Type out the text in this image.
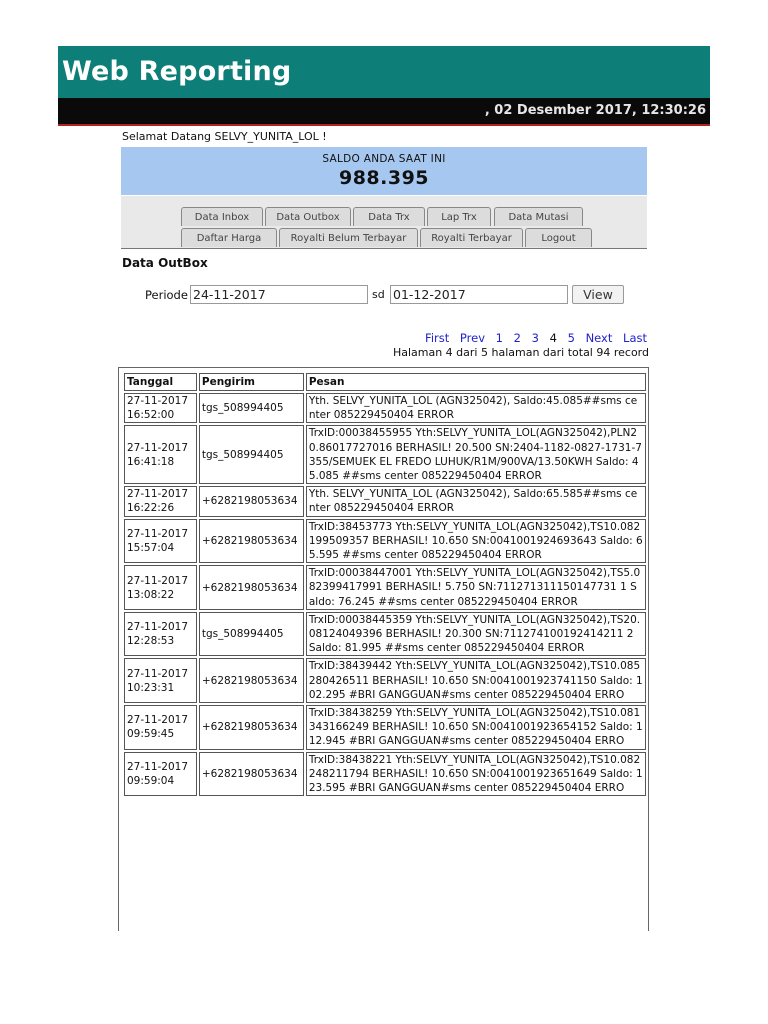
Web Reporting
, 02 Desember 2017, 12:30:26
Selamat Datang SELVY_YUNITA_LOL !
SALDO ANDA SAAT INI
988.395
Data Inbox	Data Outbox	Data Trx	Lap Trx	Data Mutasi
Daftar Harga	Royalti Belum Terbayar	Royalti Terbayar	Logout
Data OutBox
Periode 24-11-2017	sd 01-12-2017	View
First Prev 1 2 3 4 5 Next Last
Halaman 4 dari 5 halaman dari total 94 record
Tanggal	Pengirim	Pesan
27-11-2017 16:52:00	tgs_508994405	Yth. SELVY_YUNITA_LOL (AGN325042), Saldo:45.085##sms center 085229450404 ERROR
27-11-2017 16:41:18	tgs_508994405	TrxID:00038455955 Yth:SELVY_YUNITA_LOL(AGN325042),PLN20.86017727016 BERHASIL! 20.500 SN:2404-1182-0827-1731-7355/SEMUEK EL FREDO LUHUK/R1M/900VA/13.50KWH Saldo: 45.085 ##sms center 085229450404 ERROR
27-11-2017 16:22:26	+6282198053634	Yth. SELVY_YUNITA_LOL (AGN325042), Saldo:65.585##sms center 085229450404 ERROR
27-11-2017 15:57:04	+6282198053634	TrxID:38453773 Yth:SELVY_YUNITA_LOL(AGN325042),TS10.082199509357 BERHASIL! 10.650 SN:0041001924693643 Saldo: 65.595 ##sms center 085229450404 ERROR
27-11-2017 13:08:22	+6282198053634	TrxID:00038447001 Yth:SELVY_YUNITA_LOL(AGN325042),TS5.082399417991 BERHASIL! 5.750 SN:711271311150147731 1 Saldo: 76.245 ##sms center 085229450404 ERROR
27-11-2017 12:28:53	tgs_508994405	TrxID:00038445359 Yth:SELVY_YUNITA_LOL(AGN325042),TS20.08124049396 BERHASIL! 20.300 SN:711274100192414211 2 Saldo: 81.995 ##sms center 085229450404 ERROR
27-11-2017 10:23:31	+6282198053634	TrxID:38439442 Yth:SELVY_YUNITA_LOL(AGN325042),TS10.085280426511 BERHASIL! 10.650 SN:0041001923741150 Saldo: 102.295 #BRI GANGGUAN#sms center 085229450404 ERRO
27-11-2017 09:59:45	+6282198053634	TrxID:38438259 Yth:SELVY_YUNITA_LOL(AGN325042),TS10.081343166249 BERHASIL! 10.650 SN:0041001923654152 Saldo: 112.945 #BRI GANGGUAN#sms center 085229450404 ERRO
27-11-2017 09:59:04	+6282198053634	TrxID:38438221 Yth:SELVY_YUNITA_LOL(AGN325042),TS10.082248211794 BERHASIL! 10.650 SN:0041001923651649 Saldo: 123.595 #BRI GANGGUAN#sms center 085229450404 ERRO
